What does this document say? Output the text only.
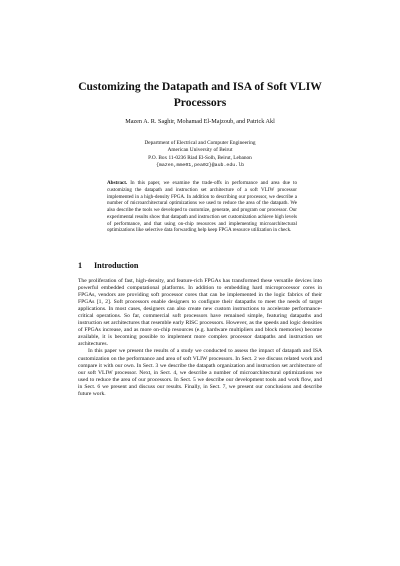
Customizing the Datapath and ISA of Soft VLIW Processors
Mazen A. R. Saghir, Mohamad El-Majzoub, and Patrick Akl
Department of Electrical and Computer Engineering
American University of Beirut
P.O. Box 11-0236 Riad El-Solh, Beirut, Lebanon
{mazen,mme01,pea02}@aub.edu.lb
Abstract. In this paper, we examine the trade-offs in performance and area due to customizing the datapath and instruction set architecture of a soft VLIW processor implemented in a high-density FPGA. In addition to describing our processor, we describe a number of microarchitectural optimizations we used to reduce the area of the datapath. We also describe the tools we developed to customize, generate, and program our processor. Our experimental results show that datapath and instruction set customization achieve high levels of performance, and that using on-chip resources and implementing microarchitectural optimizations like selective data forwarding help keep FPGA resource utilization in check.
1 Introduction

The proliferation of fast, high-density, and feature-rich FPGAs has transformed these versatile devices into powerful embedded computational platforms. In addition to embedding hard microprocessor cores in FPGAs, vendors are providing soft processor cores that can be implemented in the logic fabrics of their FPGAs [1, 2]. Soft processors enable designers to configure their datapaths to meet the needs of target applications. In most cases, designers can also create new custom instructions to accelerate performance-critical operations. So far, commercial soft processors have remained simple, featuring datapaths and instruction set architectures that resemble early RISC processors. However, as the speeds and logic densities of FPGAs increase, and as more on-chip resources (e.g. hardware multipliers and block memories) become available, it is becoming possible to implement more complex processor datapaths and instruction set architectures.

In this paper we present the results of a study we conducted to assess the impact of datapath and ISA customization on the performance and area of soft VLIW processors. In Sect. 2 we discuss related work and compare it with our own. In Sect. 3 we describe the datapath organization and instruction set architecture of our soft VLIW processor. Next, in Sect. 4, we describe a number of microarchitectural optimizations we used to reduce the area of our processors. In Sect. 5 we describe our development tools and work flow, and in Sect. 6 we present and discuss our results. Finally, in Sect. 7, we present our conclusions and describe future work.
